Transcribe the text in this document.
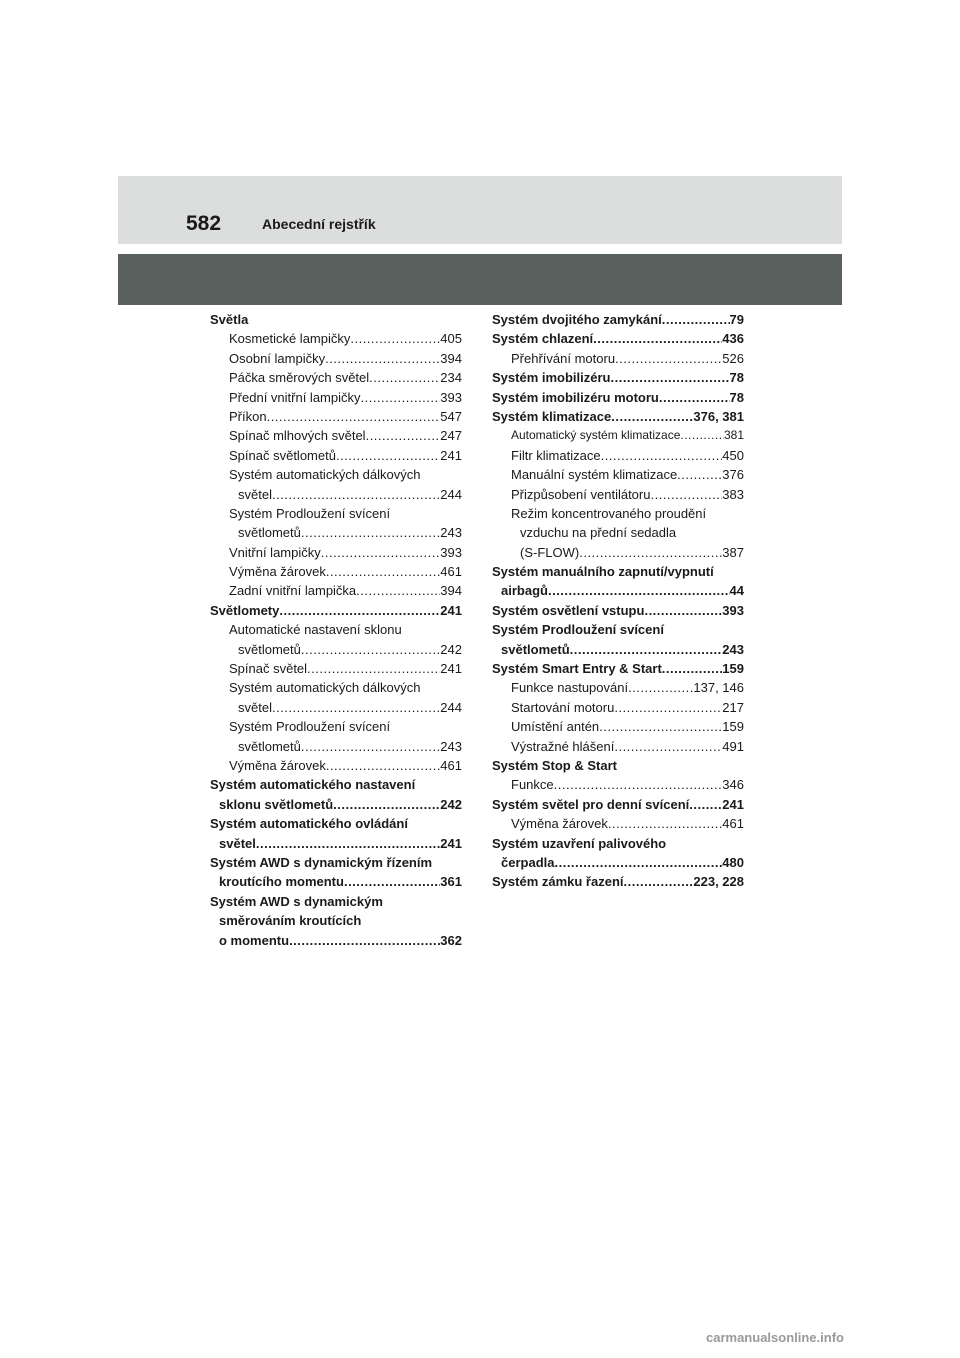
582	Abecední rejstřík
Světla
Kosmetické lampičky .....	405
Osobní lampičky .....	394
Páčka směrových světel .....	234
Přední vnitřní lampičky .....	393
Příkon .....	547
Spínač mlhových světel .....	247
Spínač světlometů .....	241
Systém automatických dálkových
světel .....	244
Systém Prodloužení svícení
světlometů .....	243
Vnitřní lampičky .....	393
Výměna žárovek .....	461
Zadní vnitřní lampička .....	394
Světlomety .....	241
Automatické nastavení sklonu
světlometů .....	242
Spínač světel .....	241
Systém automatických dálkových
světel .....	244
Systém Prodloužení svícení
světlometů .....	243
Výměna žárovek .....	461
Systém automatického nastavení
sklonu světlometů .....	242
Systém automatického ovládání
světel .....	241
Systém AWD s dynamickým řízením
kroutícího momentu .....	361
Systém AWD s dynamickým
směrováním kroutících
o momentu .....	362
Systém dvojitého zamykání .....	79
Systém chlazení .....	436
Přehřívání motoru .....	526
Systém imobilizéru .....	78
Systém imobilizéru motoru .....	78
Systém klimatizace .....	376, 381
Automatický systém klimatizace .....	381
Filtr klimatizace .....	450
Manuální systém klimatizace .....	376
Přizpůsobení ventilátoru .....	383
Režim koncentrovaného proudění
vzduchu na přední sedadla
(S-FLOW) .....	387
Systém manuálního zapnutí/vypnutí
airbagů .....	44
Systém osvětlení vstupu .....	393
Systém Prodloužení svícení
světlometů .....	243
Systém Smart Entry & Start .....	159
Funkce nastupování .....	137, 146
Startování motoru .....	217
Umístění antén .....	159
Výstražné hlášení .....	491
Systém Stop & Start
Funkce .....	346
Systém světel pro denní svícení .....	241
Výměna žárovek .....	461
Systém uzavření palivového
čerpadla .....	480
Systém zámku řazení .....	223, 228
carmanualsonline.info
